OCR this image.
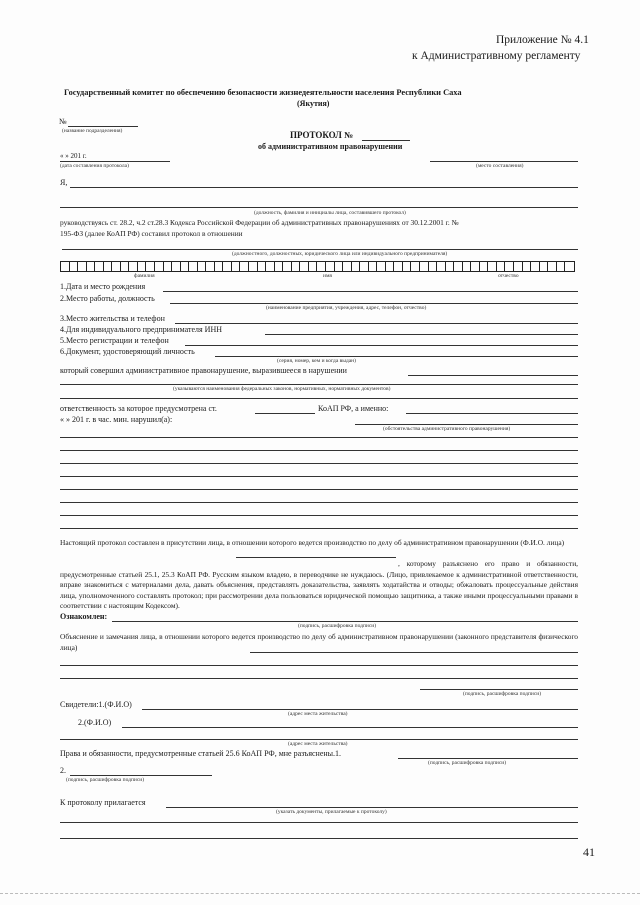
Приложение № 4.1
к Административному регламенту
Государственный комитет по обеспечению безопасности жизнедеятельности населения Республики Саха
(Якутия)
№
(название подразделения)	ПРОТОКОЛ №
об административном правонарушении
« » 201 г.
(дата составления протокола)	(место составления)
Я,
(должность, фамилия и инициалы лица, составившего протокол)
руководствуясь ст. 28.2, ч.2 ст.28.3 Кодекса Российской Федерации об административных правонарушениях от 30.12.2001 г. №
195-ФЗ (далее КоАП РФ) составил протокол в отношении
(должностного, должностных, юридического лица или индивидуального предпринимателя)
фамилия	имя	отчество
1.Дата и место рождения
2.Место работы, должность
(наименование предприятия, учреждения, адрес, телефон, отчество)
3.Место жительства и телефон
4.Для индивидуального предпринимателя ИНН
5.Место регистрации и телефон
6.Документ, удостоверяющий личность
(серия, номер, кем и когда выдан)
который совершил административное правонарушение, выразившееся в нарушении
(указываются наименования федеральных законов, нормативных, нормативных документов)
ответственность за которое предусмотрена ст.	КоАП РФ, а именно:
« » 201 г. в час. мин. нарушил(а):
(обстоятельства административного правонарушения)
Настоящий протокол составлен в присутствии лица, в отношении которого ведется производство по делу об административном правонарушении (Ф.И.О. лица)
, которому разъяснено его право и обязанности, предусмотренные статьей 25.1, 25.3 КоАП РФ. Русским языком владею, в переводчике не нуждаюсь. (Лицо, привлекаемое к административной ответственности, вправе знакомиться с материалами дела, давать объяснения, представлять доказательства, заявлять ходатайства и отводы; обжаловать процессуальные действия лица, уполномоченного составлять протокол; при рассмотрении дела пользоваться юридической помощью защитника, а также иными процессуальными правами в соответствии с настоящим Кодексом).
Ознакомлен:
(подпись, расшифровка подписи)
Объяснение и замечания лица, в отношении которого ведется производство по делу об административном правонарушении (законного представителя физического лица)
(подпись, расшифровка подписи)
Свидетели:1.(Ф.И.О)
(адрес места жительства)
2.(Ф.И.О)
(адрес места жительства)
Права и обязанности, предусмотренные статьей 25.6 КоАП РФ, мне разъяснены.1.
(подпись, расшифровка подписи)
2.
(подпись, расшифровка подписи)
К протоколу прилагается
(указать документы, прилагаемые к протоколу)
41
